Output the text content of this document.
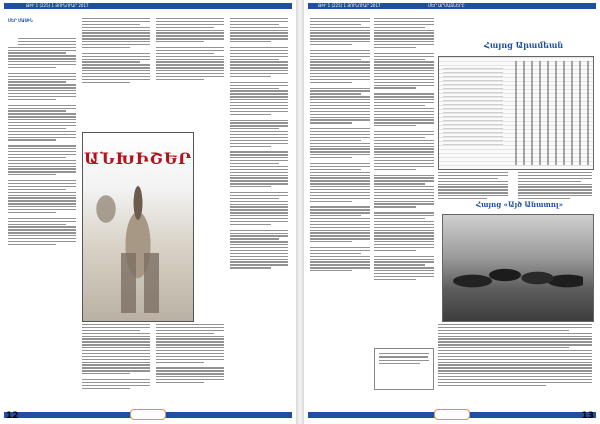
ԹԻՒ 1 (225) 1 ՅՈՒՆՈՒԱՐ 2017
ՄԵՐ ՄԱՍԻՆ
ԱՆԽԻՇԵՐ
12
ԹԻՒ 1 (225) 1 ՅՈՒՆՈՒԱՐ 2017	ՄԵՐ ԱՐՄԱՏՆԵՐԸ
Հայոց Արամեան
Հայոց «Այծ Անատոլ»
13
